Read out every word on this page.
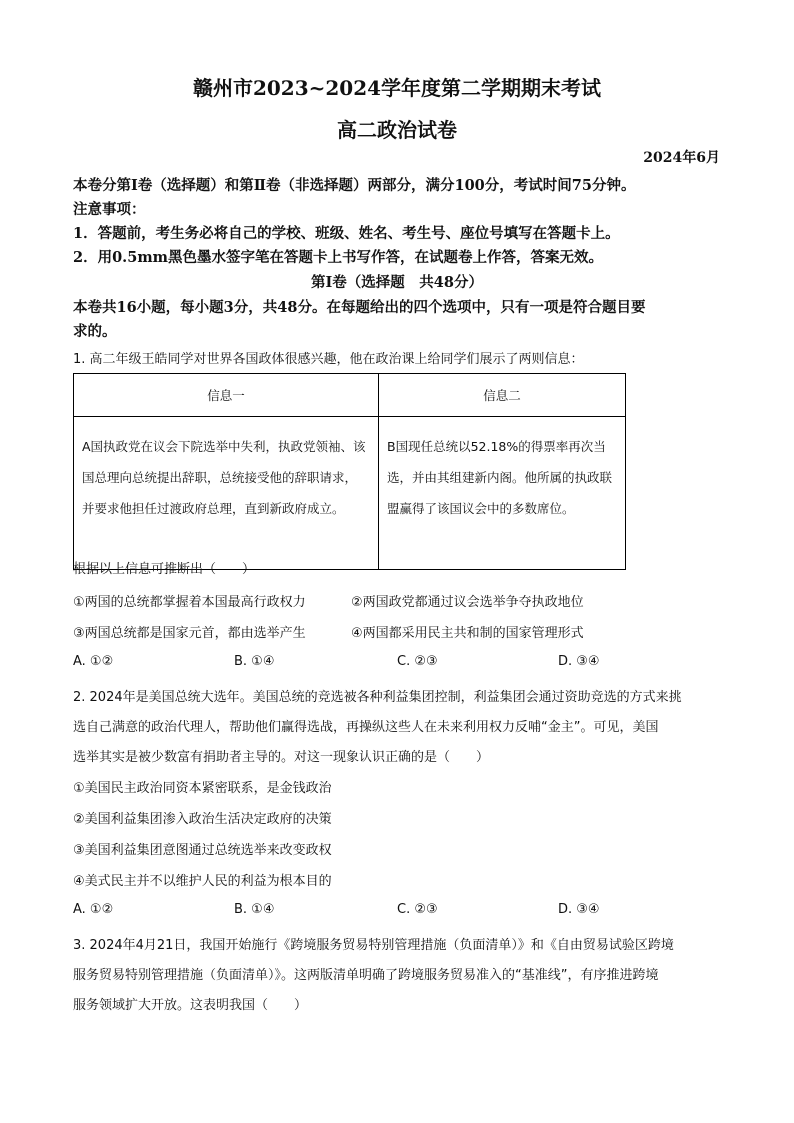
赣州市2023~2024学年度第二学期期末考试
高二政治试卷
2024年6月
本卷分第Ⅰ卷（选择题）和第Ⅱ卷（非选择题）两部分，满分100分，考试时间75分钟。
注意事项：
1．答题前，考生务必将自己的学校、班级、姓名、考生号、座位号填写在答题卡上。
2．用0.5mm黑色墨水签字笔在答题卡上书写作答，在试题卷上作答，答案无效。
第Ⅰ卷（选择题　共48分）
本卷共16小题，每小题3分，共48分。在每题给出的四个选项中，只有一项是符合题目要
求的。
1. 高二年级王皓同学对世界各国政体很感兴趣，他在政治课上给同学们展示了两则信息：
信息一	信息二
A国执政党在议会下院选举中失利，执政党领袖、该国总理向总统提出辞职，总统接受他的辞职请求，并要求他担任过渡政府总理，直到新政府成立。	B国现任总统以52.18%的得票率再次当选，并由其组建新内阁。他所属的执政联盟赢得了该国议会中的多数席位。
根据以上信息可推断出（　　）
①两国的总统都掌握着本国最高行政权力	②两国政党都通过议会选举争夺执政地位
③两国总统都是国家元首，都由选举产生	④两国都采用民主共和制的国家管理形式
A. ①②	B. ①④	C. ②③	D. ③④
2. 2024年是美国总统大选年。美国总统的竞选被各种利益集团控制，利益集团会通过资助竞选的方式来挑
选自己满意的政治代理人，帮助他们赢得选战，再操纵这些人在未来利用权力反哺“金主”。可见，美国
选举其实是被少数富有捐助者主导的。对这一现象认识正确的是（　　）
①美国民主政治同资本紧密联系，是金钱政治
②美国利益集团渗入政治生活决定政府的决策
③美国利益集团意图通过总统选举来改变政权
④美式民主并不以维护人民的利益为根本目的
A. ①②	B. ①④	C. ②③	D. ③④
3. 2024年4月21日，我国开始施行《跨境服务贸易特别管理措施（负面清单）》和《自由贸易试验区跨境
服务贸易特别管理措施（负面清单）》。这两版清单明确了跨境服务贸易准入的“基准线”，有序推进跨境
服务领域扩大开放。这表明我国（　　）
